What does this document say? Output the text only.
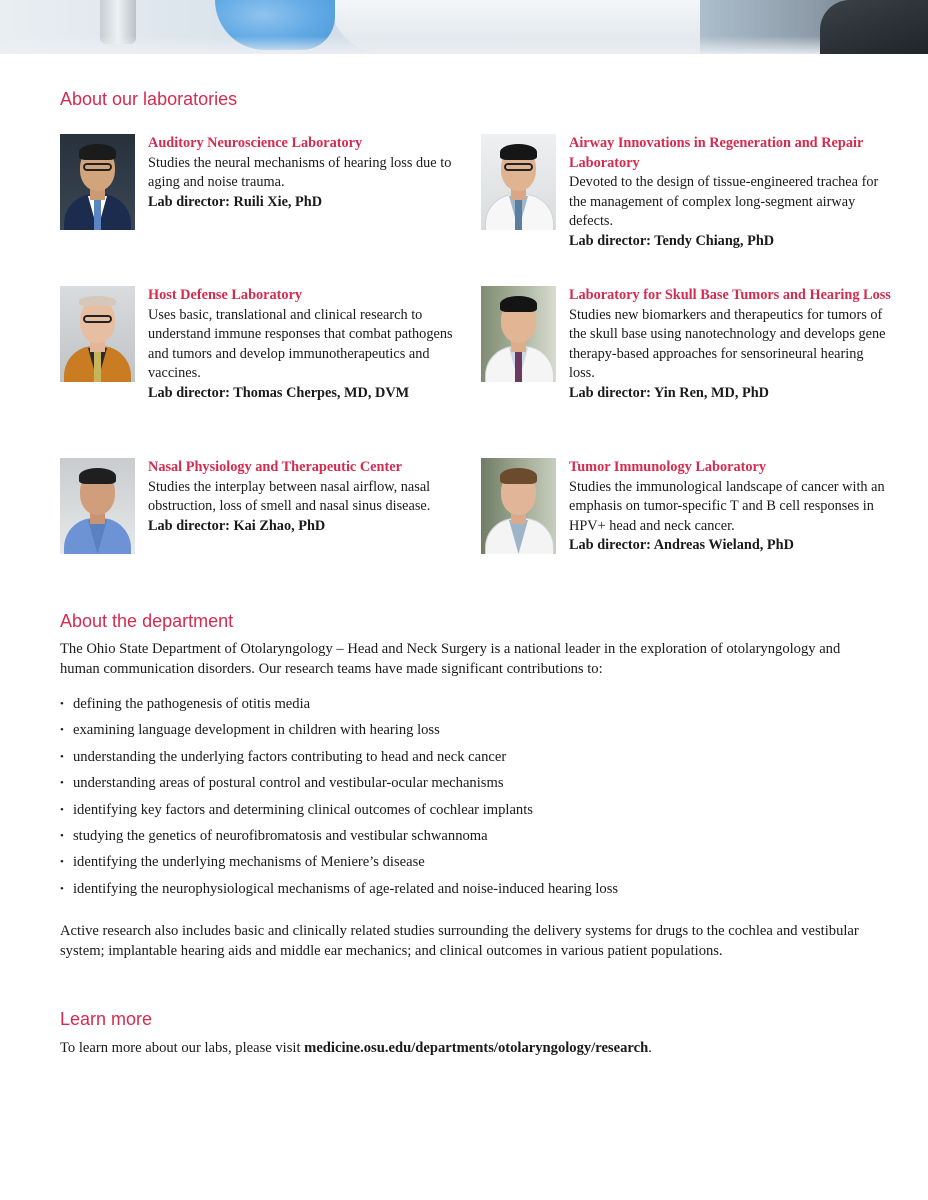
About our laboratories
Auditory Neuroscience Laboratory
Studies the neural mechanisms of hearing loss due to aging and noise trauma.
Lab director: Ruili Xie, PhD
Airway Innovations in Regeneration and Repair Laboratory
Devoted to the design of tissue-engineered trachea for the management of complex long-segment airway defects.
Lab director: Tendy Chiang, PhD
Host Defense Laboratory
Uses basic, translational and clinical research to understand immune responses that combat pathogens and tumors and develop immunotherapeutics and vaccines.
Lab director: Thomas Cherpes, MD, DVM
Laboratory for Skull Base Tumors and Hearing Loss
Studies new biomarkers and therapeutics for tumors of the skull base using nanotechnology and develops gene therapy-based approaches for sensorineural hearing loss.
Lab director: Yin Ren, MD, PhD
Nasal Physiology and Therapeutic Center
Studies the interplay between nasal airflow, nasal obstruction, loss of smell and nasal sinus disease.
Lab director: Kai Zhao, PhD
Tumor Immunology Laboratory
Studies the immunological landscape of cancer with an emphasis on tumor-specific T and B cell responses in HPV+ head and neck cancer.
Lab director: Andreas Wieland, PhD
About the department

The Ohio State Department of Otolaryngology – Head and Neck Surgery is a national leader in the exploration of otolaryngology and human communication disorders. Our research teams have made significant contributions to:

• defining the pathogenesis of otitis media
• examining language development in children with hearing loss
• understanding the underlying factors contributing to head and neck cancer
• understanding areas of postural control and vestibular-ocular mechanisms
• identifying key factors and determining clinical outcomes of cochlear implants
• studying the genetics of neurofibromatosis and vestibular schwannoma
• identifying the underlying mechanisms of Meniere’s disease
• identifying the neurophysiological mechanisms of age-related and noise-induced hearing loss

Active research also includes basic and clinically related studies surrounding the delivery systems for drugs to the cochlea and vestibular system; implantable hearing aids and middle ear mechanics; and clinical outcomes in various patient populations.

Learn more

To learn more about our labs, please visit medicine.osu.edu/departments/otolaryngology/research.
